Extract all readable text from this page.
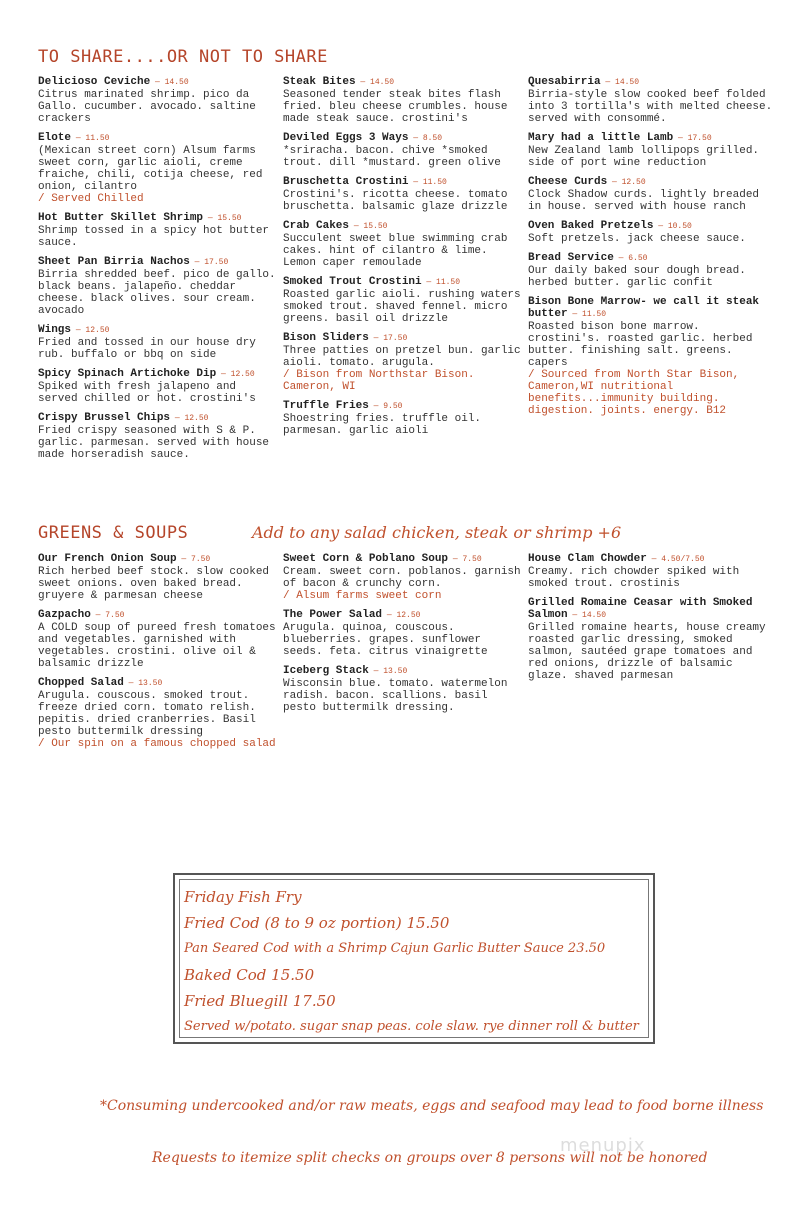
TO SHARE....OR NOT TO SHARE
Delicioso Ceviche — 14.50
Citrus marinated shrimp. pico da Gallo. cucumber. avocado. saltine crackers
Elote — 11.50
(Mexican street corn) Alsum farms sweet corn, garlic aioli, creme fraiche, chili, cotija cheese, red onion, cilantro
/ Served Chilled
Hot Butter Skillet Shrimp — 15.50
Shrimp tossed in a spicy hot butter sauce.
Sheet Pan Birria Nachos — 17.50
Birria shredded beef. pico de gallo. black beans. jalapeño. cheddar cheese. black olives. sour cream. avocado
Wings — 12.50
Fried and tossed in our house dry rub. buffalo or bbq on side
Spicy Spinach Artichoke Dip — 12.50
Spiked with fresh jalapeno and served chilled or hot. crostini's
Crispy Brussel Chips — 12.50
Fried crispy seasoned with S & P. garlic. parmesan. served with house made horseradish sauce.
Steak Bites — 14.50
Seasoned tender steak bites flash fried. bleu cheese crumbles. house made steak sauce. crostini's
Deviled Eggs 3 Ways — 8.50
*sriracha. bacon. chive *smoked trout. dill *mustard. green olive
Bruschetta Crostini — 11.50
Crostini's. ricotta cheese. tomato bruschetta. balsamic glaze drizzle
Crab Cakes — 15.50
Succulent sweet blue swimming crab cakes. hint of cilantro & lime. Lemon caper remoulade
Smoked Trout Crostini — 11.50
Roasted garlic aioli. rushing waters smoked trout. shaved fennel. micro greens. basil oil drizzle
Bison Sliders — 17.50
Three patties on pretzel bun. garlic aioli. tomato. arugula.
/ Bison from Northstar Bison. Cameron, WI
Truffle Fries — 9.50
Shoestring fries. truffle oil. parmesan. garlic aioli
Quesabirria — 14.50
Birria-style slow cooked beef folded into 3 tortilla's with melted cheese. served with consommé.
Mary had a little Lamb — 17.50
New Zealand lamb lollipops grilled. side of port wine reduction
Cheese Curds — 12.50
Clock Shadow curds. lightly breaded in house. served with house ranch
Oven Baked Pretzels — 10.50
Soft pretzels. jack cheese sauce.
Bread Service — 6.50
Our daily baked sour dough bread. herbed butter. garlic confit
Bison Bone Marrow- we call it steak butter — 11.50
Roasted bison bone marrow. crostini's. roasted garlic. herbed butter. finishing salt. greens. capers
/ Sourced from North Star Bison, Cameron,WI nutritional benefits...immunity building. digestion. joints. energy. B12
GREENS & SOUPS	Add to any salad chicken, steak or shrimp +6
Our French Onion Soup — 7.50
Rich herbed beef stock. slow cooked sweet onions. oven baked bread. gruyere & parmesan cheese
Gazpacho — 7.50
A COLD soup of pureed fresh tomatoes and vegetables. garnished with vegetables. crostini. olive oil & balsamic drizzle
Chopped Salad — 13.50
Arugula. couscous. smoked trout. freeze dried corn. tomato relish. pepitis. dried cranberries. Basil pesto buttermilk dressing
/ Our spin on a famous chopped salad
Sweet Corn & Poblano Soup — 7.50
Cream. sweet corn. poblanos. garnish of bacon & crunchy corn.
/ Alsum farms sweet corn
The Power Salad — 12.50
Arugula. quinoa, couscous. blueberries. grapes. sunflower seeds. feta. citrus vinaigrette
Iceberg Stack — 13.50
Wisconsin blue. tomato. watermelon radish. bacon. scallions. basil pesto buttermilk dressing.
House Clam Chowder — 4.50/7.50
Creamy. rich chowder spiked with smoked trout. crostinis
Grilled Romaine Ceasar with Smoked Salmon — 14.50
Grilled romaine hearts, house creamy roasted garlic dressing, smoked salmon, sautéed grape tomatoes and red onions, drizzle of balsamic glaze. shaved parmesan
Friday Fish Fry
Fried Cod (8 to 9 oz portion) 15.50
Pan Seared Cod with a Shrimp Cajun Garlic Butter Sauce 23.50
Baked Cod 15.50
Fried Bluegill 17.50
Served w/potato. sugar snap peas. cole slaw. rye dinner roll & butter
*Consuming undercooked and/or raw meats, eggs and seafood may lead to food borne illness
Requests to itemize split checks on groups over 8 persons will not be honored
menupix
